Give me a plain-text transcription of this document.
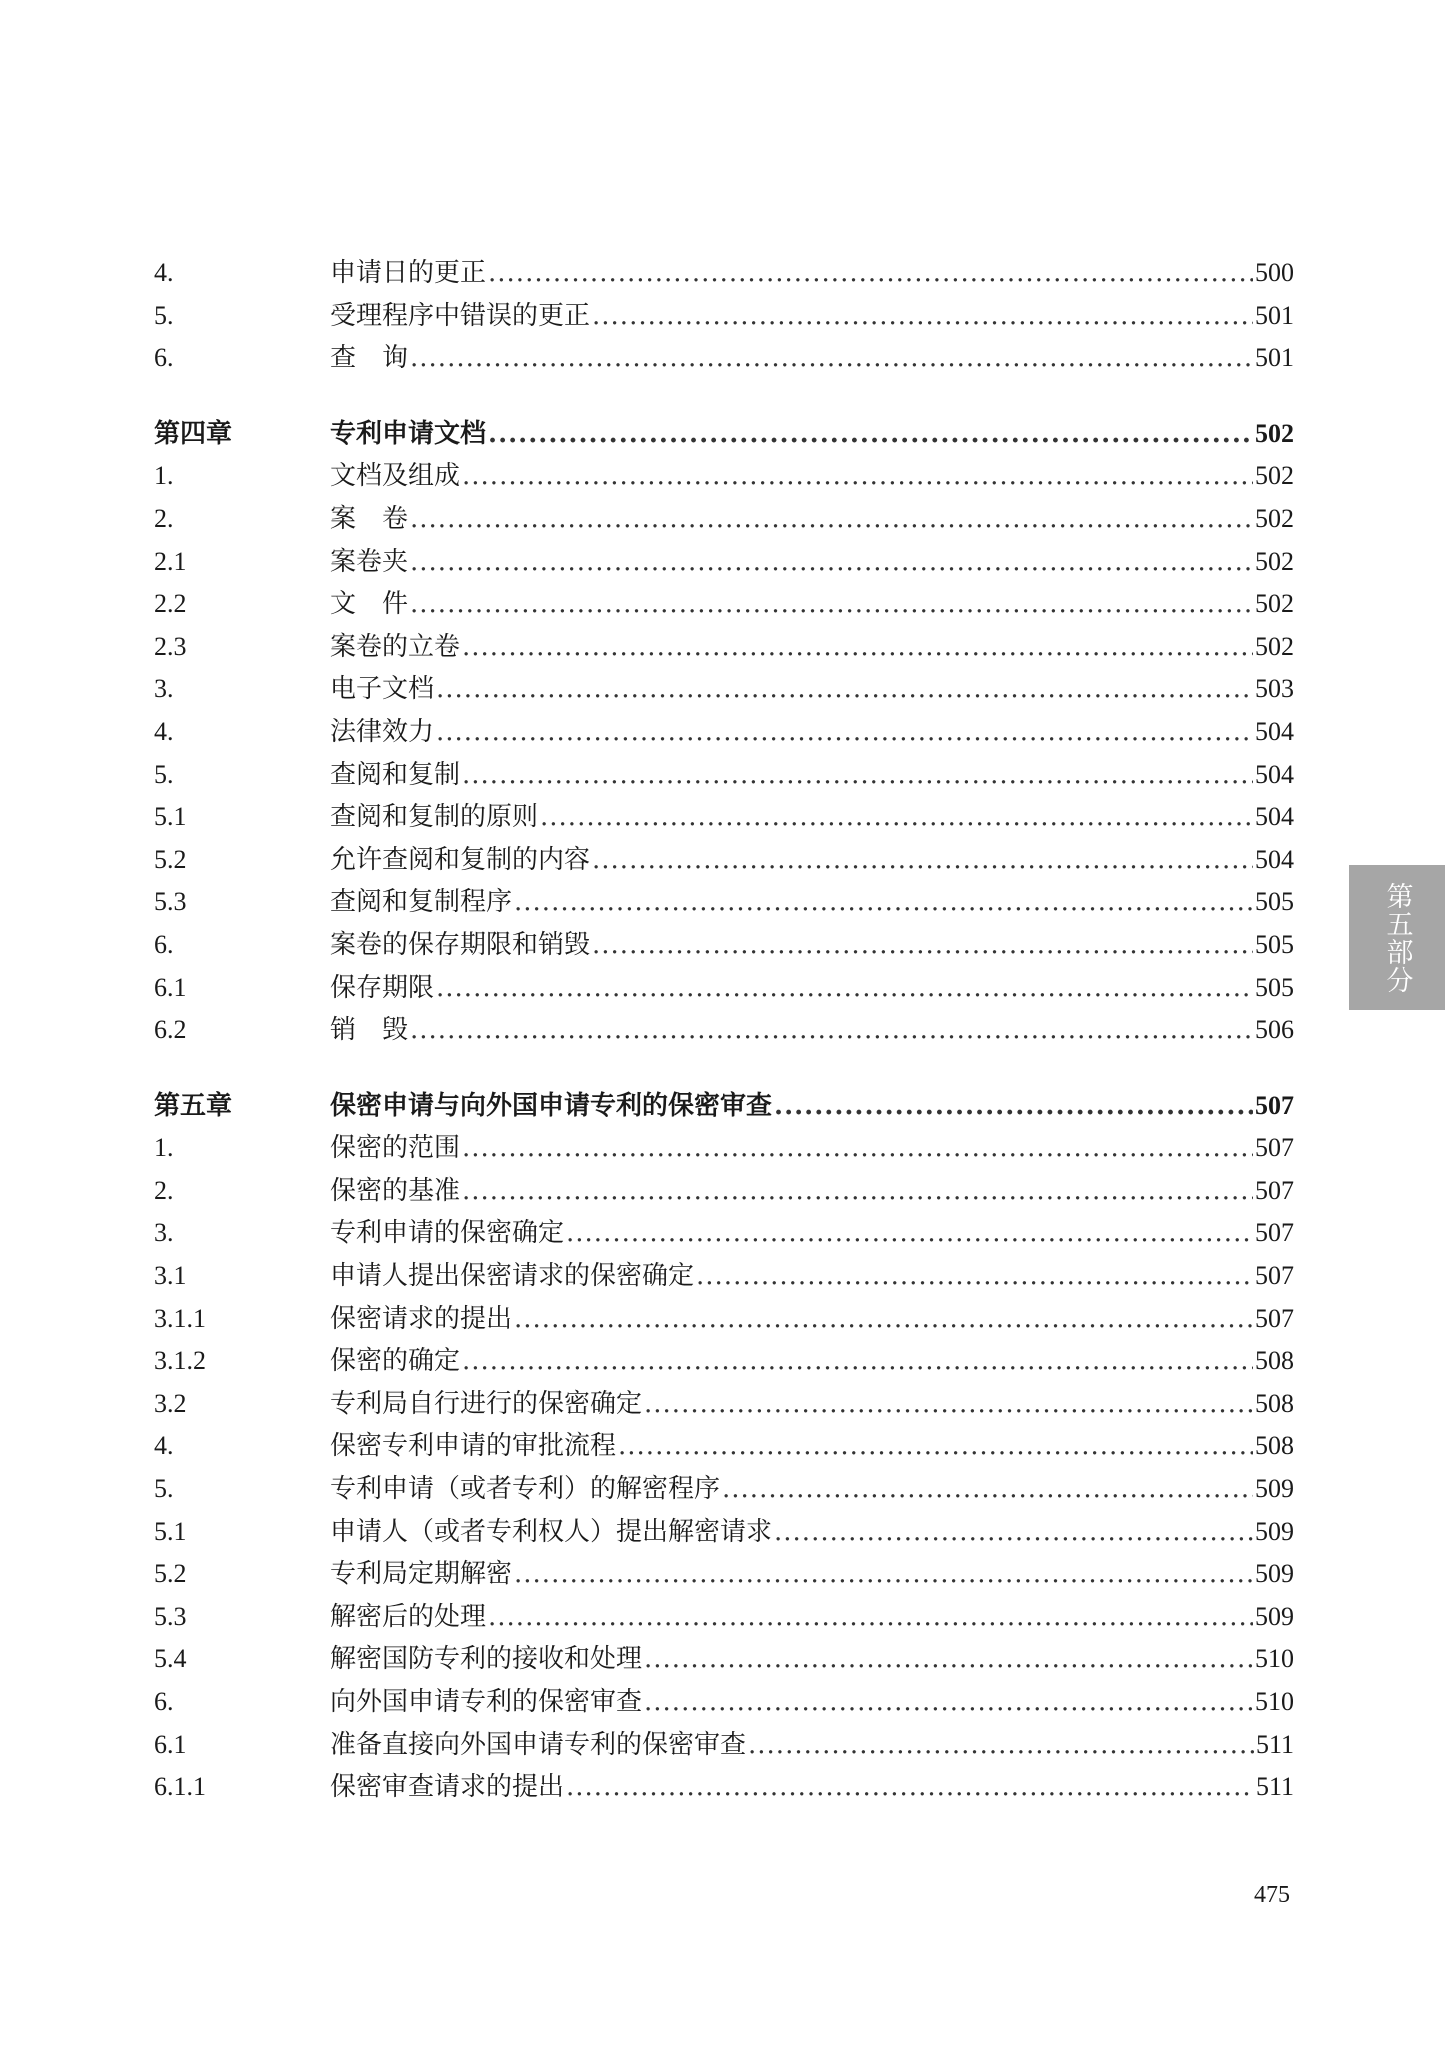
4.	申请日的更正 .....	500
5.	受理程序中错误的更正 .....	501
6.	查　询 .....	501
第四章	专利申请文档 .....	502
1.	文档及组成 .....	502
2.	案　卷 .....	502
2.1	案卷夹 .....	502
2.2	文　件 .....	502
2.3	案卷的立卷 .....	502
3.	电子文档 .....	503
4.	法律效力 .....	504
5.	查阅和复制 .....	504
5.1	查阅和复制的原则 .....	504
5.2	允许查阅和复制的内容 .....	504
5.3	查阅和复制程序 .....	505
6.	案卷的保存期限和销毁 .....	505
6.1	保存期限 .....	505
6.2	销　毁 .....	506
第五章	保密申请与向外国申请专利的保密审查 .....	507
1.	保密的范围 .....	507
2.	保密的基准 .....	507
3.	专利申请的保密确定 .....	507
3.1	申请人提出保密请求的保密确定 .....	507
3.1.1	保密请求的提出 .....	507
3.1.2	保密的确定 .....	508
3.2	专利局自行进行的保密确定 .....	508
4.	保密专利申请的审批流程 .....	508
5.	专利申请（或者专利）的解密程序 .....	509
5.1	申请人（或者专利权人）提出解密请求 .....	509
5.2	专利局定期解密 .....	509
5.3	解密后的处理 .....	509
5.4	解密国防专利的接收和处理 .....	510
6.	向外国申请专利的保密审查 .....	510
6.1	准备直接向外国申请专利的保密审查 .....	511
6.1.1	保密审查请求的提出 .....	511
第五部分
475
